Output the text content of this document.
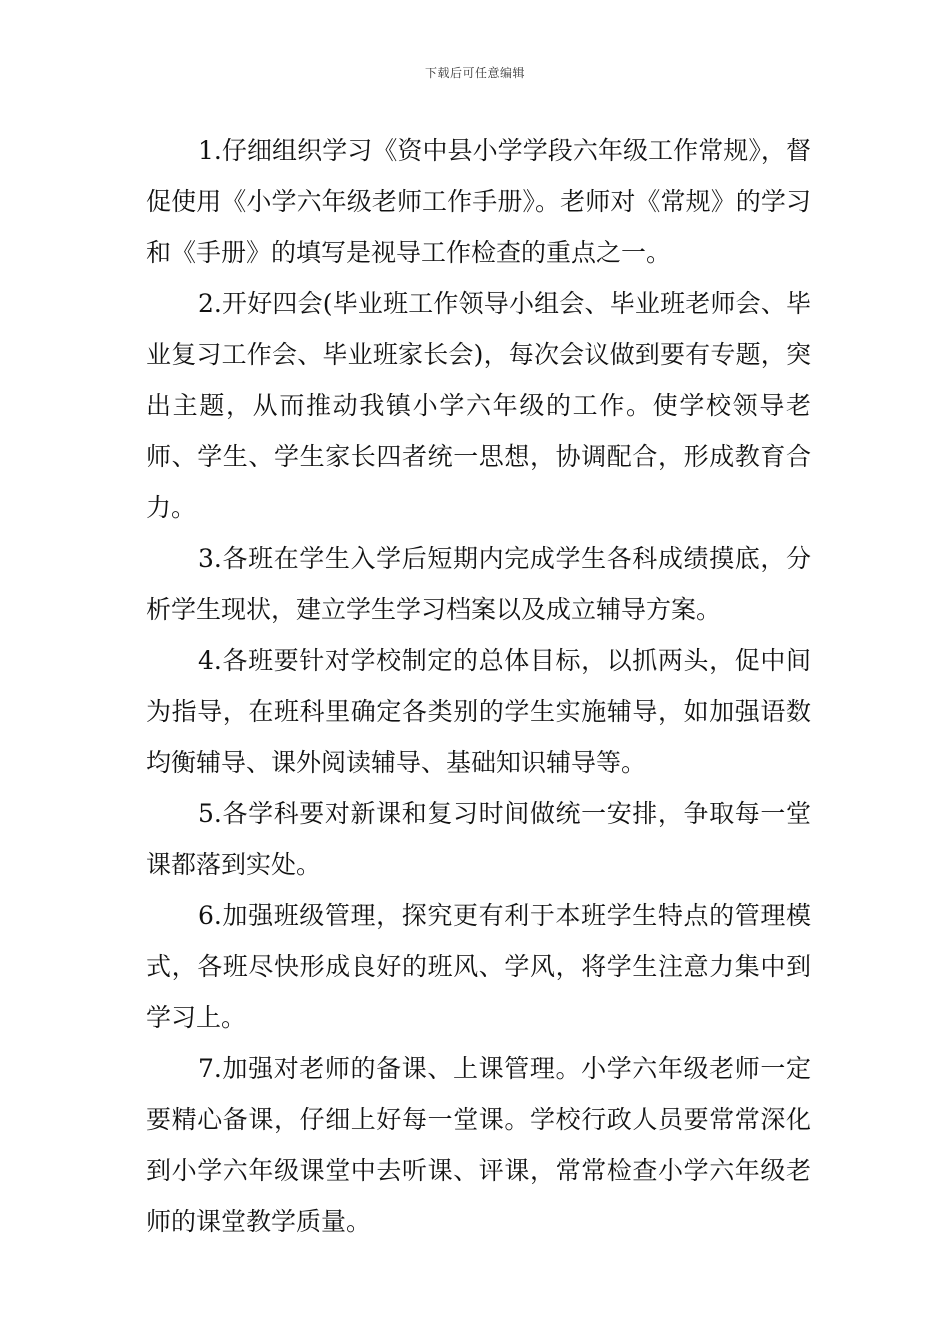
下载后可任意编辑

1.仔细组织学习《资中县小学学段六年级工作常规》，督促使用《小学六年级老师工作手册》。老师对《常规》的学习和《手册》的填写是视导工作检查的重点之一。

2.开好四会(毕业班工作领导小组会、毕业班老师会、毕业复习工作会、毕业班家长会)，每次会议做到要有专题，突出主题，从而推动我镇小学六年级的工作。使学校领导老师、学生、学生家长四者统一思想，协调配合，形成教育合力。

3.各班在学生入学后短期内完成学生各科成绩摸底，分析学生现状，建立学生学习档案以及成立辅导方案。

4.各班要针对学校制定的总体目标，以抓两头，促中间为指导，在班科里确定各类别的学生实施辅导，如加强语数均衡辅导、课外阅读辅导、基础知识辅导等。

5.各学科要对新课和复习时间做统一安排，争取每一堂课都落到实处。

6.加强班级管理，探究更有利于本班学生特点的管理模式，各班尽快形成良好的班风、学风，将学生注意力集中到学习上。

7.加强对老师的备课、上课管理。小学六年级老师一定要精心备课，仔细上好每一堂课。学校行政人员要常常深化到小学六年级课堂中去听课、评课，常常检查小学六年级老师的课堂教学质量。
